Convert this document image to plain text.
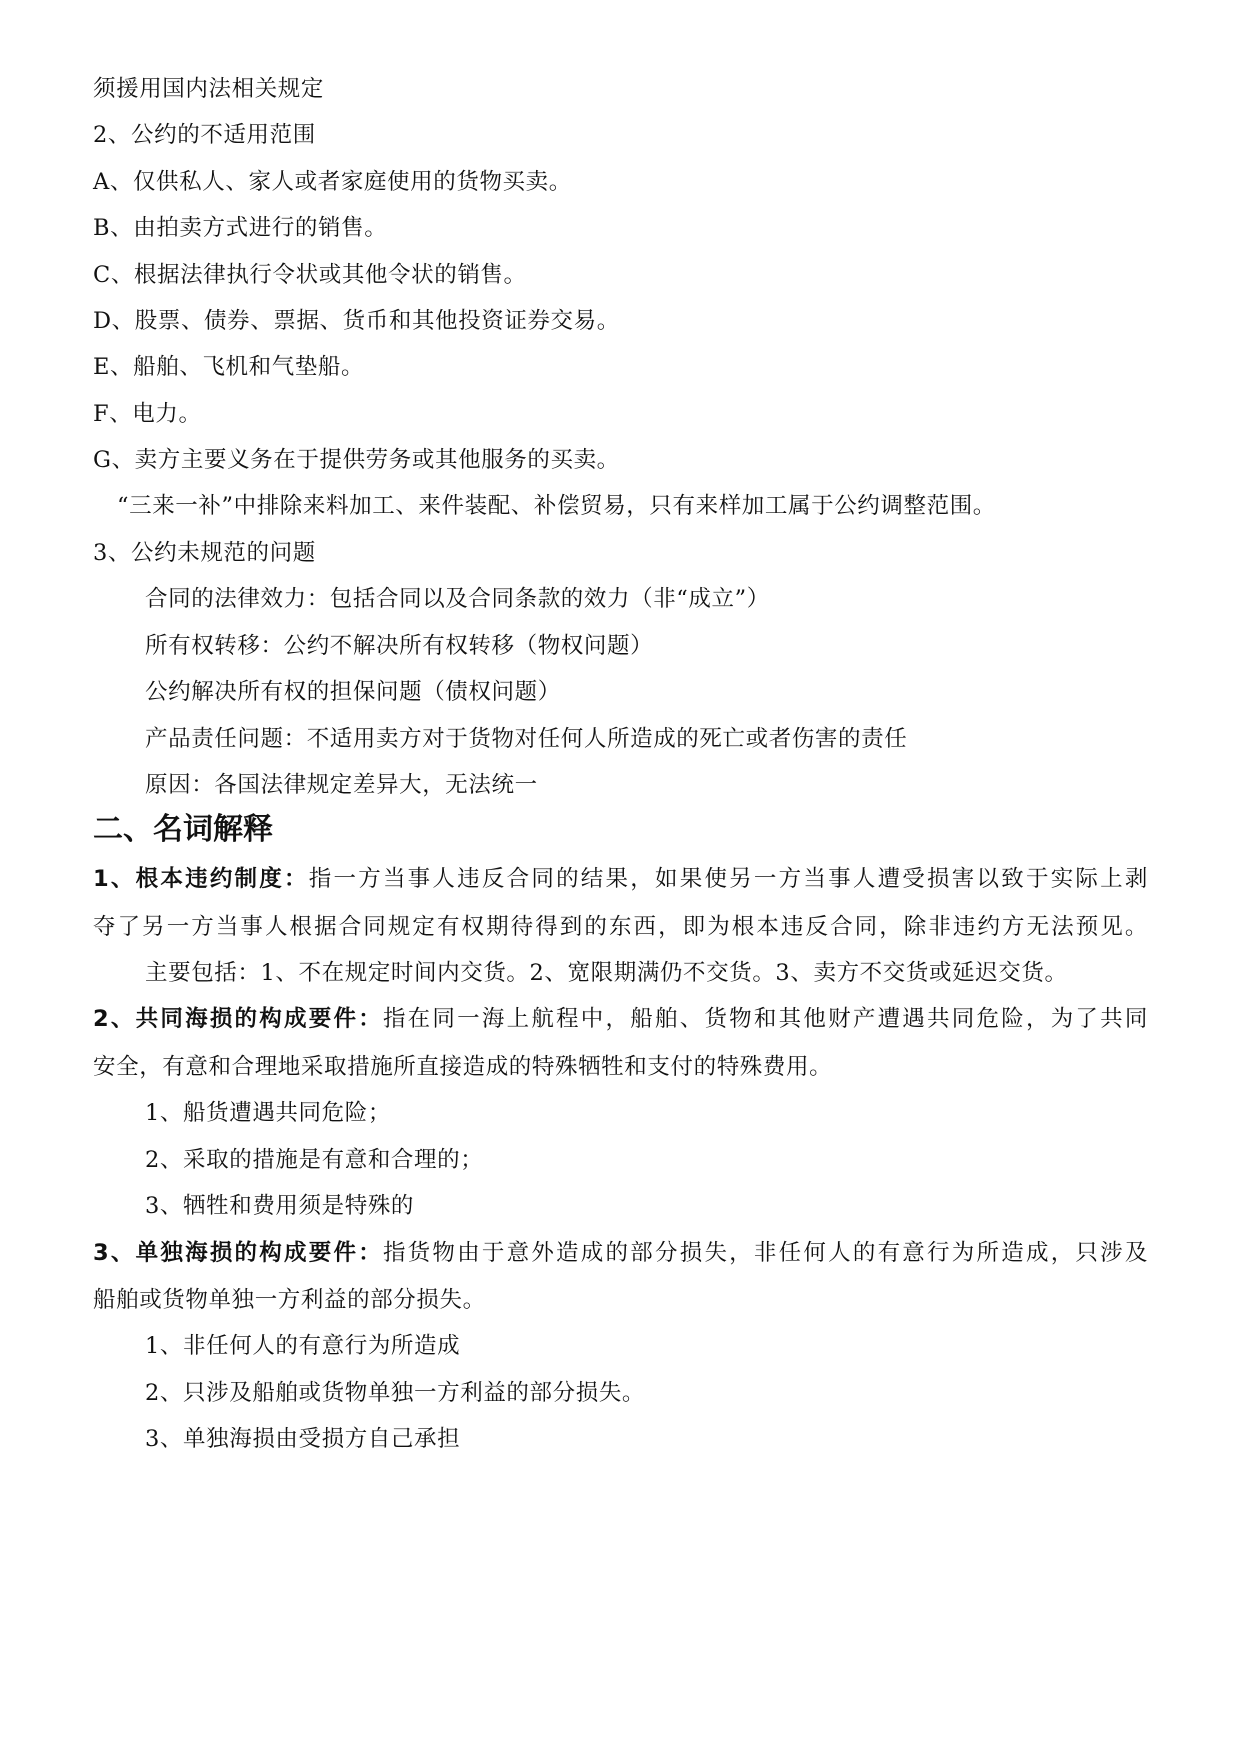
须援用国内法相关规定
2、公约的不适用范围
A、仅供私人、家人或者家庭使用的货物买卖。
B、由拍卖方式进行的销售。
C、根据法律执行令状或其他令状的销售。
D、股票、债券、票据、货币和其他投资证券交易。
E、船舶、飞机和气垫船。
F、电力。
G、卖方主要义务在于提供劳务或其他服务的买卖。
“三来一补”中排除来料加工、来件装配、补偿贸易，只有来样加工属于公约调整范围。
3、公约未规范的问题
合同的法律效力：包括合同以及合同条款的效力（非“成立”）
所有权转移：公约不解决所有权转移（物权问题）
公约解决所有权的担保问题（债权问题）
产品责任问题：不适用卖方对于货物对任何人所造成的死亡或者伤害的责任
原因：各国法律规定差异大，无法统一
二、名词解释
1、根本违约制度：指一方当事人违反合同的结果，如果使另一方当事人遭受损害以致于实际上剥
夺了另一方当事人根据合同规定有权期待得到的东西，即为根本违反合同，除非违约方无法预见。
主要包括：1、不在规定时间内交货。2、宽限期满仍不交货。3、卖方不交货或延迟交货。
2、共同海损的构成要件：指在同一海上航程中，船舶、货物和其他财产遭遇共同危险，为了共同
安全，有意和合理地采取措施所直接造成的特殊牺牲和支付的特殊费用。
1、船货遭遇共同危险；
2、采取的措施是有意和合理的；
3、牺牲和费用须是特殊的
3、单独海损的构成要件：指货物由于意外造成的部分损失，非任何人的有意行为所造成，只涉及
船舶或货物单独一方利益的部分损失。
1、非任何人的有意行为所造成
2、只涉及船舶或货物单独一方利益的部分损失。
3、单独海损由受损方自己承担
